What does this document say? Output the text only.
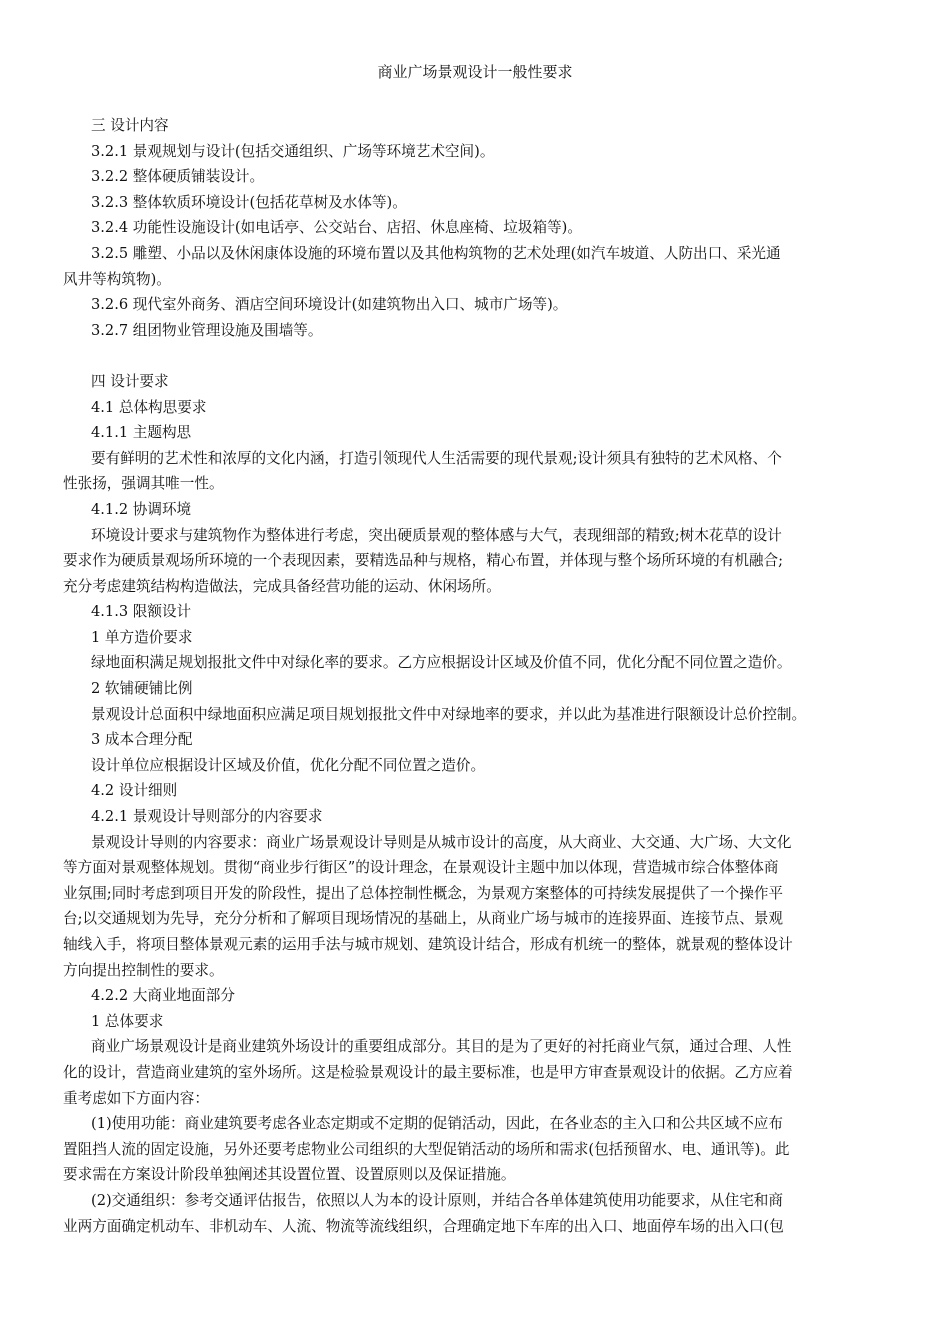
商业广场景观设计一般性要求
三 设计内容
3.2.1 景观规划与设计(包括交通组织、广场等环境艺术空间)。
3.2.2 整体硬质铺装设计。
3.2.3 整体软质环境设计(包括花草树及水体等)。
3.2.4 功能性设施设计(如电话亭、公交站台、店招、休息座椅、垃圾箱等)。
3.2.5 雕塑、小品以及休闲康体设施的环境布置以及其他构筑物的艺术处理(如汽车坡道、人防出口、采光通
风井等构筑物)。
3.2.6 现代室外商务、酒店空间环境设计(如建筑物出入口、城市广场等)。
3.2.7 组团物业管理设施及围墙等。
四 设计要求
4.1 总体构思要求
4.1.1 主题构思
要有鲜明的艺术性和浓厚的文化内涵，打造引领现代人生活需要的现代景观;设计须具有独特的艺术风格、个
性张扬，强调其唯一性。
4.1.2 协调环境
环境设计要求与建筑物作为整体进行考虑，突出硬质景观的整体感与大气，表现细部的精致;树木花草的设计
要求作为硬质景观场所环境的一个表现因素，要精选品种与规格，精心布置，并体现与整个场所环境的有机融合;
充分考虑建筑结构构造做法，完成具备经营功能的运动、休闲场所。
4.1.3 限额设计
1 单方造价要求
绿地面积满足规划报批文件中对绿化率的要求。乙方应根据设计区域及价值不同，优化分配不同位置之造价。
2 软铺硬铺比例
景观设计总面积中绿地面积应满足项目规划报批文件中对绿地率的要求，并以此为基准进行限额设计总价控制。
3 成本合理分配
设计单位应根据设计区域及价值，优化分配不同位置之造价。
4.2 设计细则
4.2.1 景观设计导则部分的内容要求
景观设计导则的内容要求：商业广场景观设计导则是从城市设计的高度，从大商业、大交通、大广场、大文化
等方面对景观整体规划。贯彻“商业步行街区”的设计理念，在景观设计主题中加以体现，营造城市综合体整体商
业氛围;同时考虑到项目开发的阶段性，提出了总体控制性概念，为景观方案整体的可持续发展提供了一个操作平
台;以交通规划为先导，充分分析和了解项目现场情况的基础上，从商业广场与城市的连接界面、连接节点、景观
轴线入手，将项目整体景观元素的运用手法与城市规划、建筑设计结合，形成有机统一的整体，就景观的整体设计
方向提出控制性的要求。
4.2.2 大商业地面部分
1 总体要求
商业广场景观设计是商业建筑外场设计的重要组成部分。其目的是为了更好的衬托商业气氛，通过合理、人性
化的设计，营造商业建筑的室外场所。这是检验景观设计的最主要标准，也是甲方审查景观设计的依据。乙方应着
重考虑如下方面内容：
(1)使用功能：商业建筑要考虑各业态定期或不定期的促销活动，因此，在各业态的主入口和公共区域不应布
置阻挡人流的固定设施，另外还要考虑物业公司组织的大型促销活动的场所和需求(包括预留水、电、通讯等)。此
要求需在方案设计阶段单独阐述其设置位置、设置原则以及保证措施。
(2)交通组织：参考交通评估报告，依照以人为本的设计原则，并结合各单体建筑使用功能要求，从住宅和商
业两方面确定机动车、非机动车、人流、物流等流线组织，合理确定地下车库的出入口、地面停车场的出入口(包
